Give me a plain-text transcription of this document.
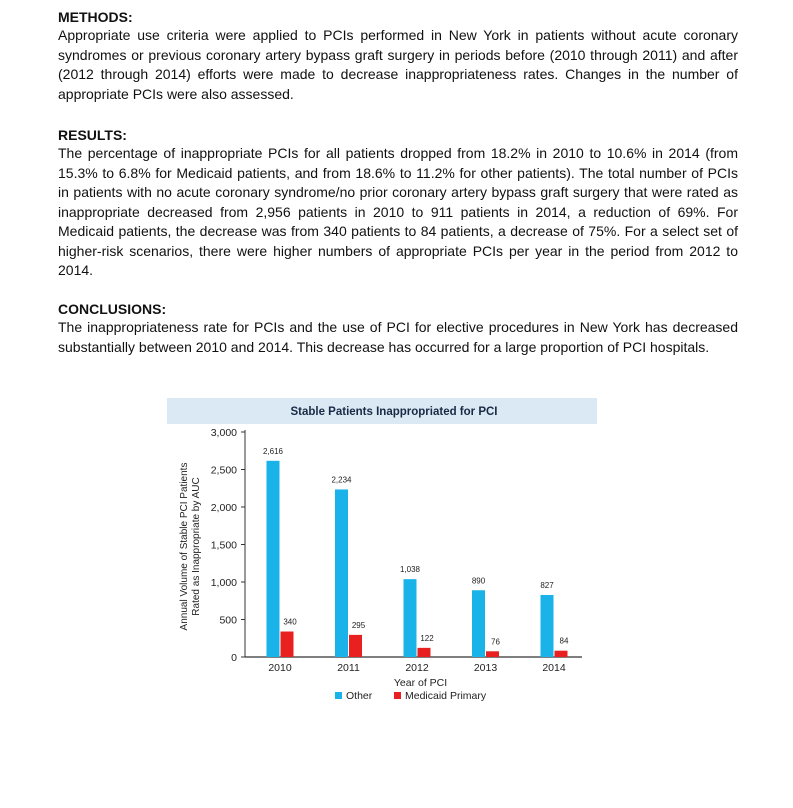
METHODS:

Appropriate use criteria were applied to PCIs performed in New York in patients without acute coronary syndromes or previous coronary artery bypass graft surgery in periods before (2010 through 2011) and after (2012 through 2014) efforts were made to decrease inappropriateness rates. Changes in the number of appropriate PCIs were also assessed.

RESULTS:

The percentage of inappropriate PCIs for all patients dropped from 18.2% in 2010 to 10.6% in 2014 (from 15.3% to 6.8% for Medicaid patients, and from 18.6% to 11.2% for other patients). The total number of PCIs in patients with no acute coronary syndrome/no prior coronary artery bypass graft surgery that were rated as inappropriate decreased from 2,956 patients in 2010 to 911 patients in 2014, a reduction of 69%. For Medicaid patients, the decrease was from 340 patients to 84 patients, a decrease of 75%. For a select set of higher-risk scenarios, there were higher numbers of appropriate PCIs per year in the period from 2012 to 2014.

CONCLUSIONS:

The inappropriateness rate for PCIs and the use of PCI for elective procedures in New York has decreased substantially between 2010 and 2014. This decrease has occurred for a large proportion of PCI hospitals.

Stable Patients Inappropriated for PCI
0
500
1,000
1,500
2,000
2,500
3,000
Annual Volume of Stable PCI Patients Rated as Inappropriate by AUC
2,616
340
2010
2,234
295
2011
1,038
122
2012
890
76
2013
827
84
2014
Year of PCI
Other	Medicaid Primary
